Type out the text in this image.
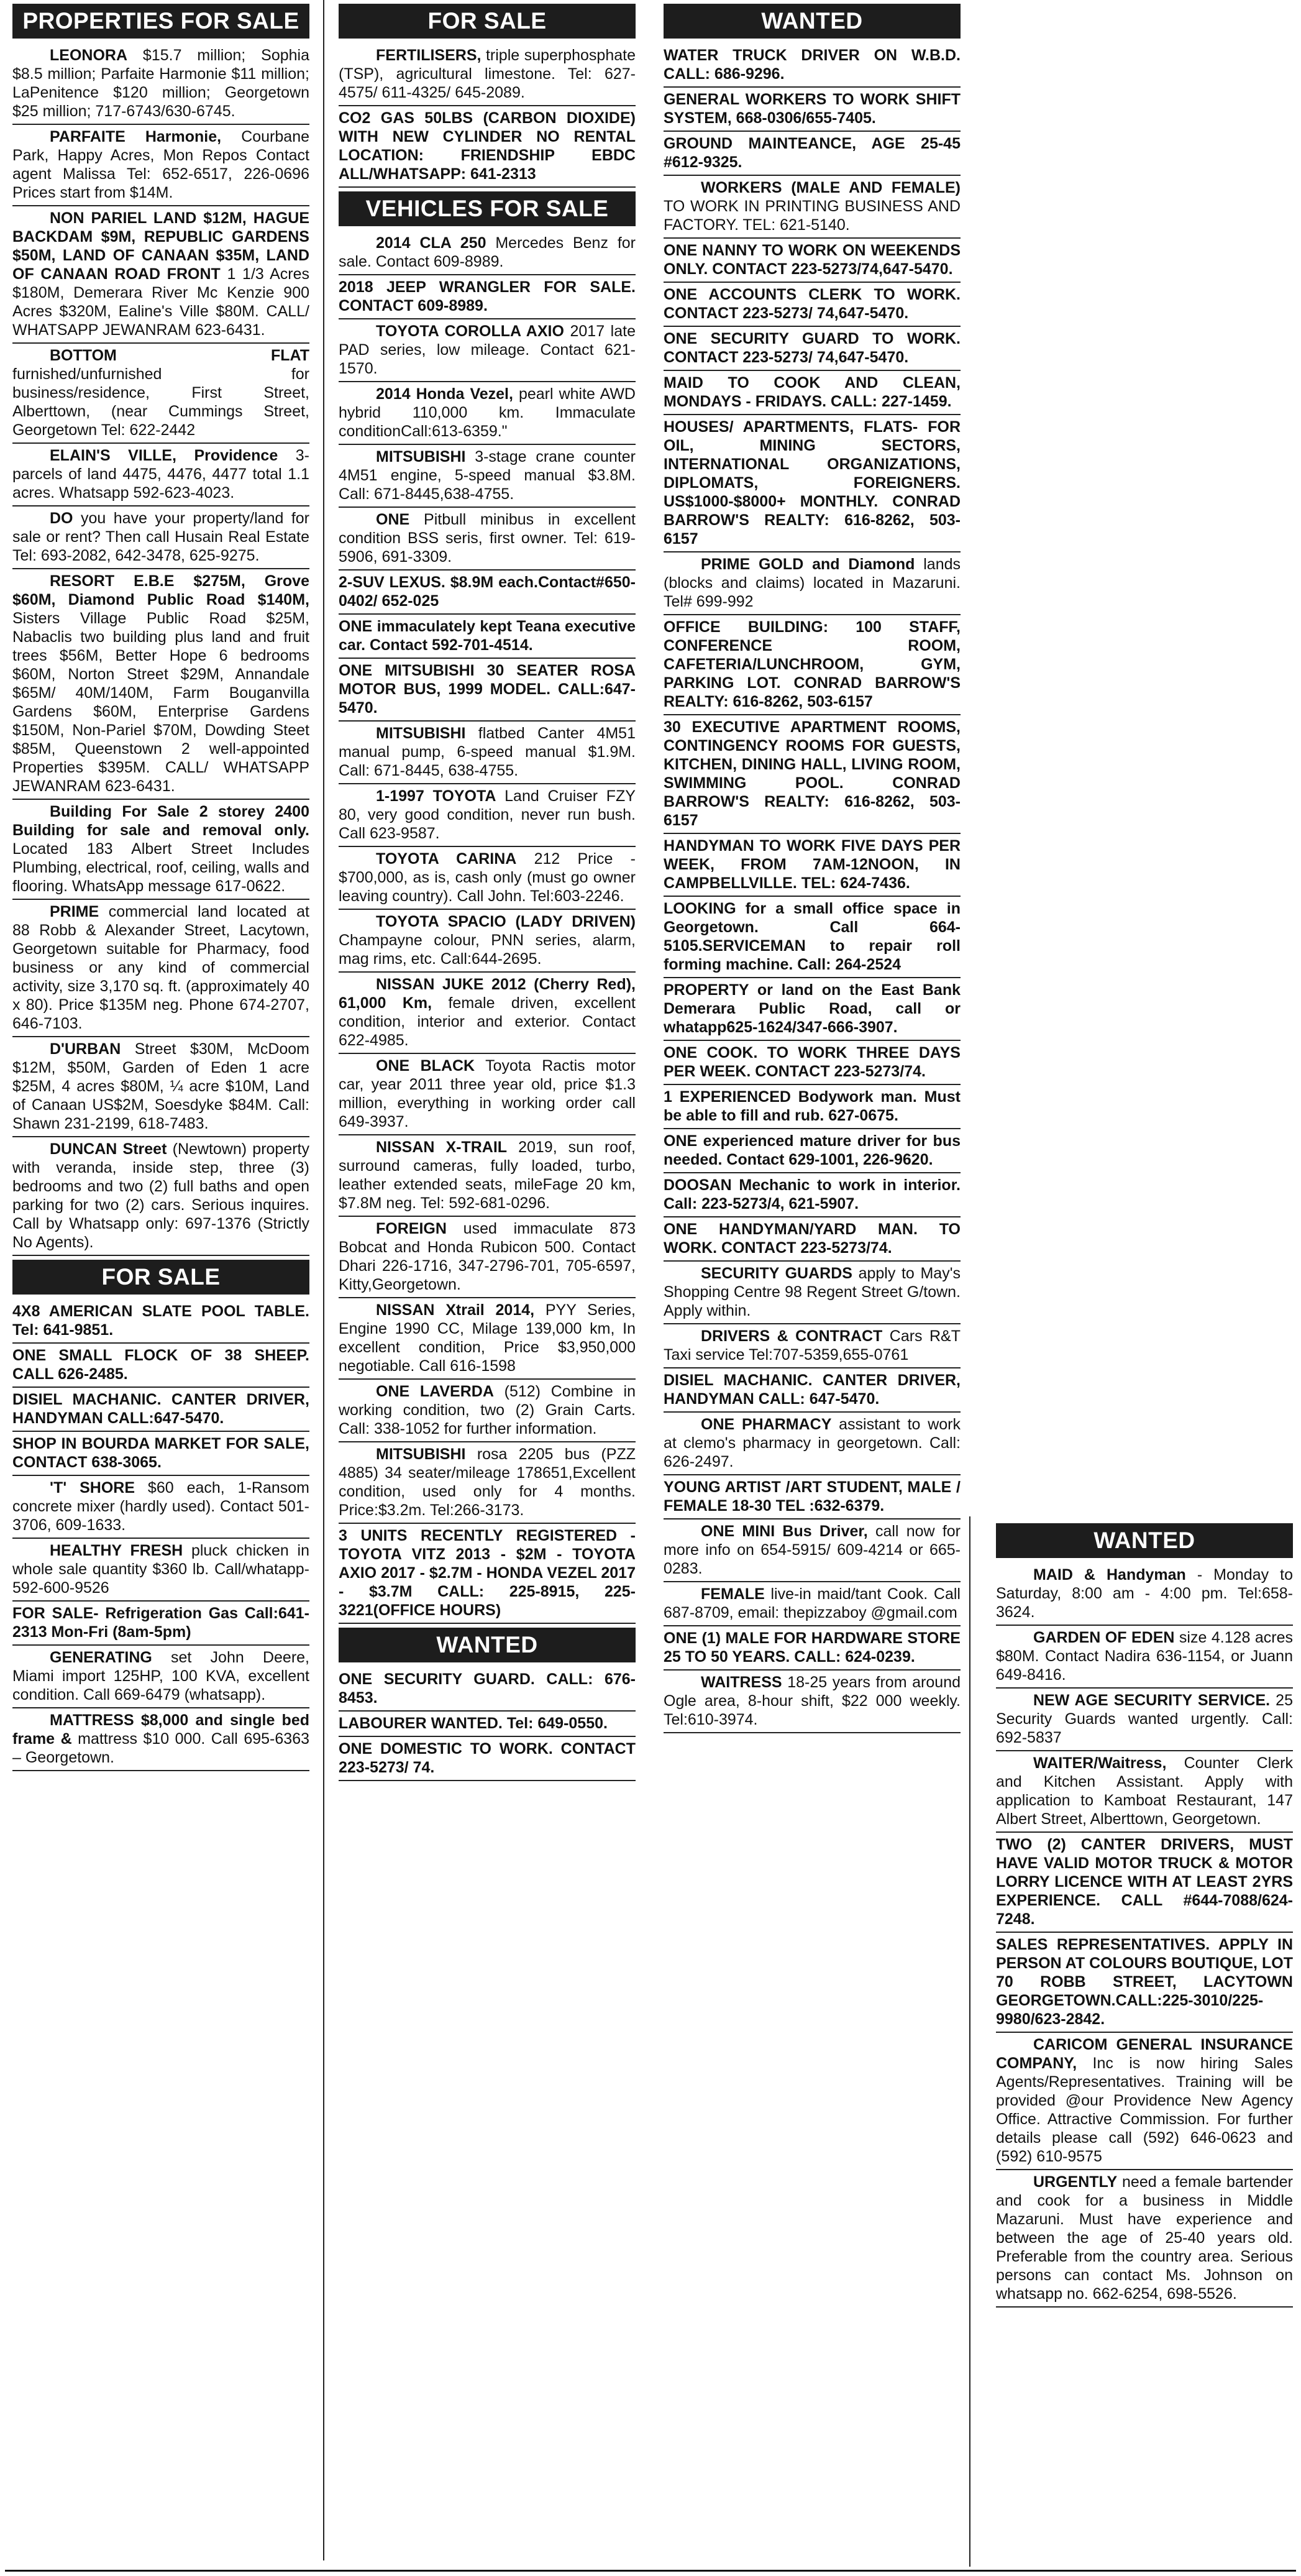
PROPERTIES FOR SALE

LEONORA $15.7 million; Sophia $8.5 million; Parfaite Harmonie $11 million; LaPenitence $120 million; Georgetown $25 million; 717-6743/630-6745.

PARFAITE Harmonie, Courbane Park, Happy Acres, Mon Repos Contact agent Malissa Tel: 652-6517, 226-0696 Prices start from $14M.

NON PARIEL LAND $12M, HAGUE BACKDAM $9M, REPUBLIC GARDENS $50M, LAND OF CANAAN $35M, LAND OF CANAAN ROAD FRONT 1 1/3 Acres $180M, Demerara River Mc Kenzie 900 Acres $320M, Ealine's Ville $80M. CALL/ WHATSAPP JEWANRAM 623-6431.

BOTTOM FLAT furnished/unfurnished for business/residence, First Street, Alberttown, (near Cummings Street, Georgetown Tel: 622-2442

ELAIN'S VILLE, Providence 3-parcels of land 4475, 4476, 4477 total 1.1 acres. Whatsapp 592-623-4023.

DO you have your property/land for sale or rent? Then call Husain Real Estate Tel: 693-2082, 642-3478, 625-9275.

RESORT E.B.E $275M, Grove $60M, Diamond Public Road $140M, Sisters Village Public Road $25M, Nabaclis two building plus land and fruit trees $56M, Better Hope 6 bedrooms $60M, Norton Street $29M, Annandale $65M/ 40M/140M, Farm Bouganvilla Gardens $60M, Enterprise Gardens $150M, Non-Pariel $70M, Dowding Steet $85M, Queenstown 2 well-appointed Properties $395M. CALL/ WHATSAPP JEWANRAM 623-6431.

Building For Sale 2 storey 2400 Building for sale and removal only. Located 183 Albert Street Includes Plumbing, electrical, roof, ceiling, walls and flooring. WhatsApp message 617-0622.

PRIME commercial land located at 88 Robb & Alexander Street, Lacytown, Georgetown suitable for Pharmacy, food business or any kind of commercial activity, size 3,170 sq. ft. (approximately 40 x 80). Price $135M neg. Phone 674-2707, 646-7103.

D'URBAN Street $30M, McDoom $12M, $50M, Garden of Eden 1 acre $25M, 4 acres $80M, ¼ acre $10M, Land of Canaan US$2M, Soesdyke $84M. Call: Shawn 231-2199, 618-7483.

DUNCAN Street (Newtown) property with veranda, inside step, three (3) bedrooms and two (2) full baths and open parking for two (2) cars. Serious inquires. Call by Whatsapp only: 697-1376 (Strictly No Agents).

FOR SALE

4X8 AMERICAN SLATE POOL TABLE. Tel: 641-9851.

ONE SMALL FLOCK OF 38 SHEEP. CALL 626-2485.

DISIEL MACHANIC. CANTER DRIVER, HANDYMAN CALL:647-5470.

SHOP IN BOURDA MARKET FOR SALE, CONTACT 638-3065.

'T' SHORE $60 each, 1-Ransom concrete mixer (hardly used). Contact 501-3706, 609-1633.

HEALTHY FRESH pluck chicken in whole sale quantity $360 lb. Call/whatapp- 592-600-9526

FOR SALE- Refrigeration Gas Call:641-2313 Mon-Fri (8am-5pm)

GENERATING set John Deere, Miami import 125HP, 100 KVA, excellent condition. Call 669-6479 (whatsapp).

MATTRESS $8,000 and single bed frame & mattress $10 000. Call 695-6363 – Georgetown.

FOR SALE

FERTILISERS, triple superphosphate (TSP), agricultural limestone. Tel: 627-4575/ 611-4325/ 645-2089.

CO2 GAS 50LBS (CARBON DIOXIDE) WITH NEW CYLINDER NO RENTAL LOCATION: FRIENDSHIP EBDC ALL/WHATSAPP: 641-2313

VEHICLES FOR SALE

2014 CLA 250 Mercedes Benz for sale. Contact 609-8989.

2018 JEEP WRANGLER FOR SALE. CONTACT 609-8989.

TOYOTA COROLLA AXIO 2017 late PAD series, low mileage. Contact 621-1570.

2014 Honda Vezel, pearl white AWD hybrid 110,000 km. Immaculate conditionCall:613-6359."

MITSUBISHI 3-stage crane counter 4M51 engine, 5-speed manual $3.8M. Call: 671-8445,638-4755.

ONE Pitbull minibus in excellent condition BSS seris, first owner. Tel: 619-5906, 691-3309.

2-SUV LEXUS. $8.9M each.Contact#650-0402/ 652-025

ONE immaculately kept Teana executive car. Contact 592-701-4514.

ONE MITSUBISHI 30 SEATER ROSA MOTOR BUS, 1999 MODEL. CALL:647-5470.

MITSUBISHI flatbed Canter 4M51 manual pump, 6-speed manual $1.9M. Call: 671-8445, 638-4755.

1-1997 TOYOTA Land Cruiser FZY 80, very good condition, never run bush. Call 623-9587.

TOYOTA CARINA 212 Price - $700,000, as is, cash only (must go owner leaving country). Call John. Tel:603-2246.

TOYOTA SPACIO (LADY DRIVEN) Champayne colour, PNN series, alarm, mag rims, etc. Call:644-2695.

NISSAN JUKE 2012 (Cherry Red), 61,000 Km, female driven, excellent condition, interior and exterior. Contact 622-4985.

ONE BLACK Toyota Ractis motor car, year 2011 three year old, price $1.3 million, everything in working order call 649-3937.

NISSAN X-TRAIL 2019, sun roof, surround cameras, fully loaded, turbo, leather extended seats, mileFage 20 km, $7.8M neg. Tel: 592-681-0296.

FOREIGN used immaculate 873 Bobcat and Honda Rubicon 500. Contact Dhari 226-1716, 347-2796-701, 705-6597, Kitty,Georgetown.

NISSAN Xtrail 2014, PYY Series, Engine 1990 CC, Milage 139,000 km, In excellent condition, Price $3,950,000 negotiable. Call 616-1598

ONE LAVERDA (512) Combine in working condition, two (2) Grain Carts. Call: 338-1052 for further information.

MITSUBISHI rosa 2205 bus (PZZ 4885) 34 seater/mileage 178651,Excellent condition, used only for 4 months. Price:$3.2m. Tel:266-3173.

3 UNITS RECENTLY REGISTERED - TOYOTA VITZ 2013 - $2M - TOYOTA AXIO 2017 - $2.7M - HONDA VEZEL 2017 - $3.7M CALL: 225-8915, 225-3221(OFFICE HOURS)

WANTED

ONE SECURITY GUARD. CALL: 676-8453.

LABOURER WANTED. Tel: 649-0550.

ONE DOMESTIC TO WORK. CONTACT 223-5273/ 74.

WANTED

WATER TRUCK DRIVER ON W.B.D. CALL: 686-9296.

GENERAL WORKERS TO WORK SHIFT SYSTEM, 668-0306/655-7405.

GROUND MAINTEANCE, AGE 25-45 #612-9325.

WORKERS (MALE AND FEMALE) TO WORK IN PRINTING BUSINESS AND FACTORY. TEL: 621-5140.

ONE NANNY TO WORK ON WEEKENDS ONLY. CONTACT 223-5273/74,647-5470.

ONE ACCOUNTS CLERK TO WORK. CONTACT 223-5273/ 74,647-5470.

ONE SECURITY GUARD TO WORK. CONTACT 223-5273/ 74,647-5470.

MAID TO COOK AND CLEAN, MONDAYS - FRIDAYS. CALL: 227-1459.

HOUSES/ APARTMENTS, FLATS- FOR OIL, MINING SECTORS, INTERNATIONAL ORGANIZATIONS, DIPLOMATS, FOREIGNERS. US$1000-$8000+ MONTHLY. CONRAD BARROW'S REALTY: 616-8262, 503-6157

PRIME GOLD and Diamond lands (blocks and claims) located in Mazaruni. Tel# 699-992

OFFICE BUILDING: 100 STAFF, CONFERENCE ROOM, CAFETERIA/LUNCHROOM, GYM, PARKING LOT. CONRAD BARROW'S REALTY: 616-8262, 503-6157

30 EXECUTIVE APARTMENT ROOMS, CONTINGENCY ROOMS FOR GUESTS, KITCHEN, DINING HALL, LIVING ROOM, SWIMMING POOL. CONRAD BARROW'S REALTY: 616-8262, 503-6157

HANDYMAN TO WORK FIVE DAYS PER WEEK, FROM 7AM-12NOON, IN CAMPBELLVILLE. TEL: 624-7436.

LOOKING for a small office space in Georgetown. Call 664-5105.SERVICEMAN to repair roll forming machine. Call: 264-2524

PROPERTY or land on the East Bank Demerara Public Road, call or whatapp625-1624/347-666-3907.

ONE COOK. TO WORK THREE DAYS PER WEEK. CONTACT 223-5273/74.

1 EXPERIENCED Bodywork man. Must be able to fill and rub. 627-0675.

ONE experienced mature driver for bus needed. Contact 629-1001, 226-9620.

DOOSAN Mechanic to work in interior. Call: 223-5273/4, 621-5907.

ONE HANDYMAN/YARD MAN. TO WORK. CONTACT 223-5273/74.

SECURITY GUARDS apply to May's Shopping Centre 98 Regent Street G/town. Apply within.

DRIVERS & CONTRACT Cars R&T Taxi service Tel:707-5359,655-0761

DISIEL MACHANIC. CANTER DRIVER, HANDYMAN CALL: 647-5470.

ONE PHARMACY assistant to work at clemo's pharmacy in georgetown. Call: 626-2497.

YOUNG ARTIST /ART STUDENT, MALE / FEMALE 18-30 TEL :632-6379.

ONE MINI Bus Driver, call now for more info on 654-5915/ 609-4214 or 665-0283.

FEMALE live-in maid/tant Cook. Call 687-8709, email: thepizzaboy @gmail.com

ONE (1) MALE FOR HARDWARE STORE 25 TO 50 YEARS. CALL: 624-0239.

WAITRESS 18-25 years from around Ogle area, 8-hour shift, $22 000 weekly. Tel:610-3974.

WANTED

MAID & Handyman - Monday to Saturday, 8:00 am - 4:00 pm. Tel:658-3624.

GARDEN OF EDEN size 4.128 acres $80M. Contact Nadira 636-1154, or Juann 649-8416.

NEW AGE SECURITY SERVICE. 25 Security Guards wanted urgently. Call: 692-5837

WAITER/Waitress, Counter Clerk and Kitchen Assistant. Apply with application to Kamboat Restaurant, 147 Albert Street, Alberttown, Georgetown.

TWO (2) CANTER DRIVERS, MUST HAVE VALID MOTOR TRUCK & MOTOR LORRY LICENCE WITH AT LEAST 2YRS EXPERIENCE. CALL #644-7088/624-7248.

SALES REPRESENTATIVES. APPLY IN PERSON AT COLOURS BOUTIQUE, LOT 70 ROBB STREET, LACYTOWN GEORGETOWN.CALL:225-3010/225-9980/623-2842.

CARICOM GENERAL INSURANCE COMPANY, Inc is now hiring Sales Agents/Representatives. Training will be provided @our Providence New Agency Office. Attractive Commission. For further details please call (592) 646-0623 and (592) 610-9575

URGENTLY need a female bartender and cook for a business in Middle Mazaruni. Must have experience and between the age of 25-40 years old. Preferable from the country area. Serious persons can contact Ms. Johnson on whatsapp no. 662-6254, 698-5526.
